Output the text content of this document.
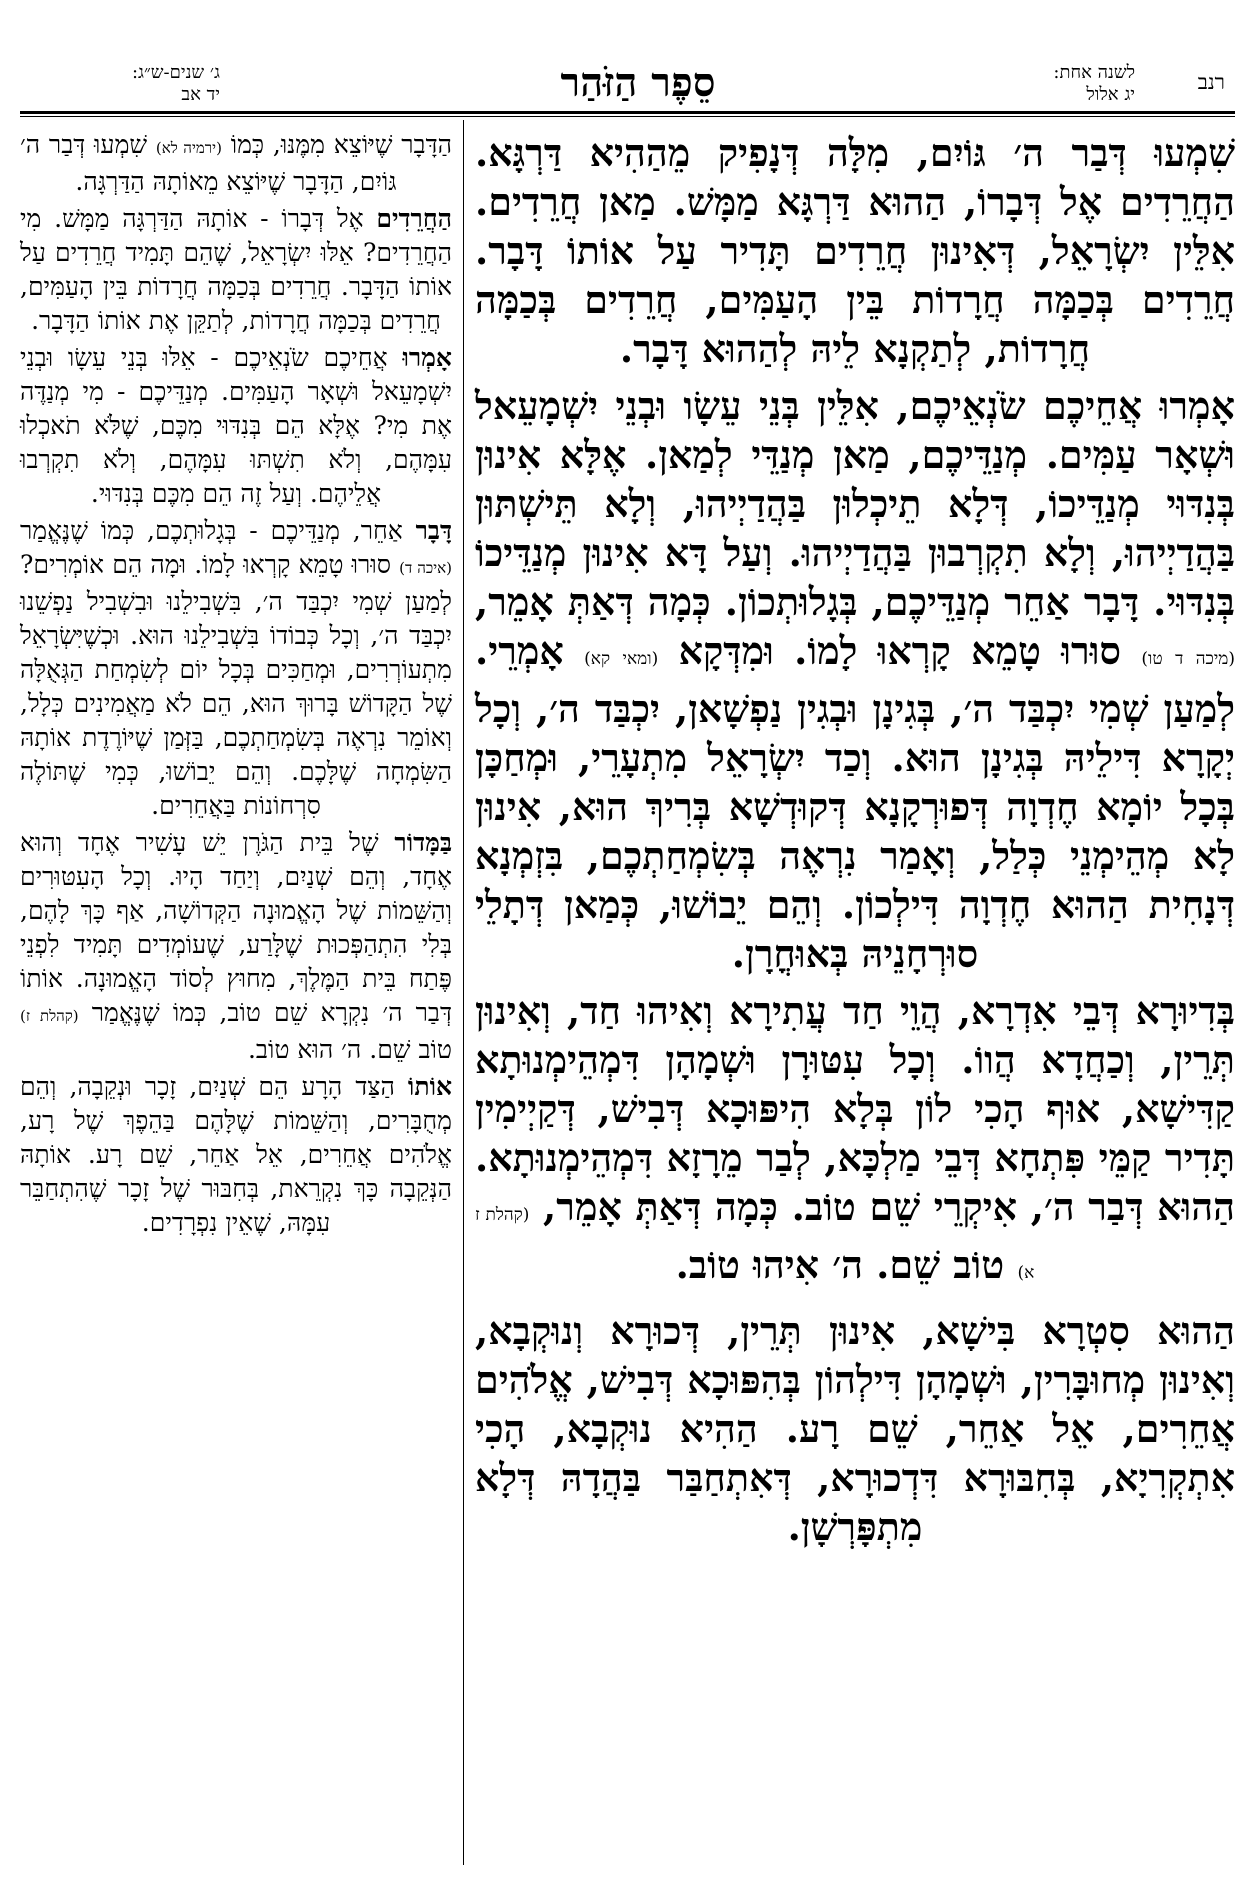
רנב
לשנה אחת:
יג אלול
סֵפֶר הַזֹּהַר
ג׳ שנים-ש״ג:
יד אב

שִׁמְעוּ דְּבַר ה׳ גּוֹיִם, מִלָּה דְּנָפִיק מֵהַהִיא דַּרְגָּא. הַחֲרֵדִים אֶל דְּבָרוֹ, הַהוּא דַּרְגָּא מַמָּשׁ. מַאן חֲרֵדִים. אִלֵּין יִשְׂרָאֵל, דְּאִינוּן חֲרֵדִים תָּדִיר עַל אוֹתוֹ דָּבָר. חֲרֵדִים בְּכַמָּה חֲרָדוֹת בֵּין הָעַמִּים, חֲרֵדִים בְּכַמָּה חֲרָדוֹת, לְתַקְנָא לֵיהּ לְהַהוּא דָּבָר.

אָמְרוּ אֲחֵיכֶם שֹׂנְאֵיכֶם, אִלֵּין בְּנֵי עֵשָׂו וּבְנֵי יִשְׁמָעֵאל וּשְׁאָר עַמִּים. מְנַדֵּיכֶם, מַאן מְנַדֵּי לְמַאן. אֶלָּא אִינוּן בְּנִדּוּי מְנַדֵּיכוֹ, דְּלָא תֵיכְלוּן בַּהֲדַיְיהוּ, וְלָא תֵּישְׁתּוּן בַּהֲדַיְיהוּ, וְלָא תִקְרְבוּן בַּהֲדַיְיהוּ. וְעַל דָּא אִינוּן מְנַדֵּיכוֹ בְּנִדּוּי. דָּבָר אַחֵר מְנַדֵּיכֶם, בְּגָלוּתְכוֹן. כְּמָה דְּאַתְּ אָמֵר, (מיכה ד טו) סוּרוּ טָמֵא קָרְאוּ לָמוֹ. וּמִדְּקָא (ומאי קא) אָמְרֵי. לְמַעַן שְׁמִי יִכְבַּד ה׳, בְּגִינָן וּבְגִין נַפְשָׁאן, יִכְבַּד ה׳, וְכָל יְקָרָא דִּילֵיהּ בְּגִינָן הוּא. וְכַד יִשְׂרָאֵל מִתְעָרֵי, וּמְחַכָּן בְּכָל יוֹמָא חֶדְוָה דְּפוּרְקָנָא דְּקוּדְשָׁא בְּרִיךְ הוּא, אִינוּן לָא מְהֵימְנֵי כְּלַל, וְאָמַר נִרְאֶה בְּשִׂמְחַתְכֶם, בִּזְמְנָא דְּנָחִית הַהוּא חֶדְוָה דִּילְכוֹן. וְהֵם יֵבוֹשׁוּ, כְּמַאן דְּתָלֵי סוּרְחָנֵיהּ בְּאוּחֳרָן.

בְּדִיוּרָא דְּבֵי אִדְרָא, הֲוֵי חַד עֲתִירָא וְאִיהוּ חַד, וְאִינוּן תְּרֵין, וְכַחֲדָא הֲווֹ. וְכָל עִטּוּרָן וּשְׁמָהָן דִּמְהֵימְנוּתָא קַדִּישָׁא, אוּף הָכִי לוֹן בְּלָא הִיפּוּכָא דְּבִישׁ, דְּקַיְימִין תָּדִיר קַמֵּי פִּתְחָא דְּבֵי מַלְכָּא, לְבַר מֵרָזָא דִּמְהֵימְנוּתָא. הַהוּא דְּבַר ה׳, אִיקְרֵי שֵׁם טוֹב. כְּמָה דְּאַתְּ אָמֵר, (קהלת ז א) טוֹב שֵׁם. ה׳ אִיהוּ טוֹב.

הַהוּא סִטְרָא בִּישָׁא, אִינוּן תְּרֵין, דְּכוּרָא וְנוּקְבָא, וְאִינוּן מְחוּבָּרִין, וּשְׁמָהָן דִּילְהוֹן בְּהִפּוּכָא דְּבִישׁ, אֱלֹהִים אֲחֵרִים, אֵל אַחֵר, שֵׁם רָע. הַהִיא נוּקְבָא, הָכִי אִתְקְרִיָא, בְּחִבּוּרָא דִּדְכוּרָא, דְּאִתְחַבַּר בַּהֲדָהּ דְּלָא מִתְפָּרְשָׁן.

הַדָּבָר שֶׁיּוֹצֵא מִמֶּנּוּ, כְּמוֹ (ירמיה לא) שִׁמְעוּ דְּבַר ה׳ גּוֹיִם, הַדָּבָר שֶׁיּוֹצֵא מֵאוֹתָהּ הַדַּרְגָּה.

הַחֲרֵדִים אֶל דְּבָרוֹ - אוֹתָהּ הַדַּרְגָּה מַמָּשׁ. מִי הַחֲרֵדִים? אֵלּוּ יִשְׂרָאֵל, שֶׁהֵם תָּמִיד חֲרֵדִים עַל אוֹתוֹ הַדָּבָר. חֲרֵדִים בְּכַמָּה חֲרָדוֹת בֵּין הָעַמִּים, חֲרֵדִים בְּכַמָּה חֲרָדוֹת, לְתַקֵּן אֶת אוֹתוֹ הַדָּבָר.

אָמְרוּ אֲחֵיכֶם שֹׂנְאֵיכֶם - אֵלּוּ בְּנֵי עֵשָׂו וּבְנֵי יִשְׁמָעֵאל וּשְׁאָר הָעַמִּים. מְנַדֵּיכֶם - מִי מְנַדֶּה אֶת מִי? אֶלָּא הֵם בְּנִדּוּי מִכֶּם, שֶׁלֹּא תֹאכְלוּ עִמָּהֶם, וְלֹא תִשְׁתּוּ עִמָּהֶם, וְלֹא תִקְרְבוּ אֲלֵיהֶם. וְעַל זֶה הֵם מִכֶּם בְּנִדּוּי.

דָּבָר אַחֵר, מְנַדֵּיכֶם - בְּגָלוּתְכֶם, כְּמוֹ שֶׁנֶּאֱמַר (איכה ד) סוּרוּ טָמֵא קָרְאוּ לָמוֹ. וּמָה הֵם אוֹמְרִים? לְמַעַן שְׁמִי יִכְבַּד ה׳, בִּשְׁבִילֵנוּ וּבִשְׁבִיל נַפְשֵׁנוּ יִכְבַּד ה׳, וְכָל כְּבוֹדוֹ בִּשְׁבִילֵנוּ הוּא. וּכְשֶׁיִּשְׂרָאֵל מִתְעוֹרְרִים, וּמְחַכִּים בְּכָל יוֹם לְשִׂמְחַת הַגְּאֻלָּה שֶׁל הַקָּדוֹשׁ בָּרוּךְ הוּא, הֵם לֹא מַאֲמִינִים כְּלָל, וְאוֹמֵר נִרְאֶה בְּשִׂמְחַתְכֶם, בַּזְּמַן שֶׁיּוֹרֶדֶת אוֹתָהּ הַשִּׂמְחָה שֶׁלָּכֶם. וְהֵם יֵבוֹשׁוּ, כְּמִי שֶׁתּוֹלֶה סִרְחוֹנוֹת בַּאֲחֵרִים.

בַּמָּדוֹר שֶׁל בֵּית הַגֹּרֶן יֵשׁ עָשִׁיר אֶחָד וְהוּא אֶחָד, וְהֵם שְׁנַיִם, וְיַחַד הָיוּ. וְכָל הָעִטּוּרִים וְהַשֵּׁמוֹת שֶׁל הָאֱמוּנָה הַקְּדוֹשָׁה, אַף כָּךְ לָהֶם, בְּלִי הִתְהַפְּכוּת שֶׁלָּרַע, שֶׁעוֹמְדִים תָּמִיד לִפְנֵי פֶּתַח בֵּית הַמֶּלֶךְ, מִחוּץ לְסוֹד הָאֱמוּנָה. אוֹתוֹ דְּבַר ה׳ נִקְרָא שֵׁם טוֹב, כְּמוֹ שֶׁנֶּאֱמַר (קהלת ז) טוֹב שֵׁם. ה׳ הוּא טוֹב.

אוֹתוֹ הַצַּד הָרָע הֵם שְׁנַיִם, זָכָר וּנְקֵבָה, וְהֵם מְחֻבָּרִים, וְהַשֵּׁמוֹת שֶׁלָּהֶם בַּהֵפֶךְ שֶׁל רָע, אֱלֹהִים אֲחֵרִים, אֵל אַחֵר, שֵׁם רָע. אוֹתָהּ הַנְּקֵבָה כָּךְ נִקְרֵאת, בְּחִבּוּר שֶׁל זָכָר שֶׁהִתְחַבֵּר עִמָּהּ, שֶׁאֵין נִפְרָדִים.
